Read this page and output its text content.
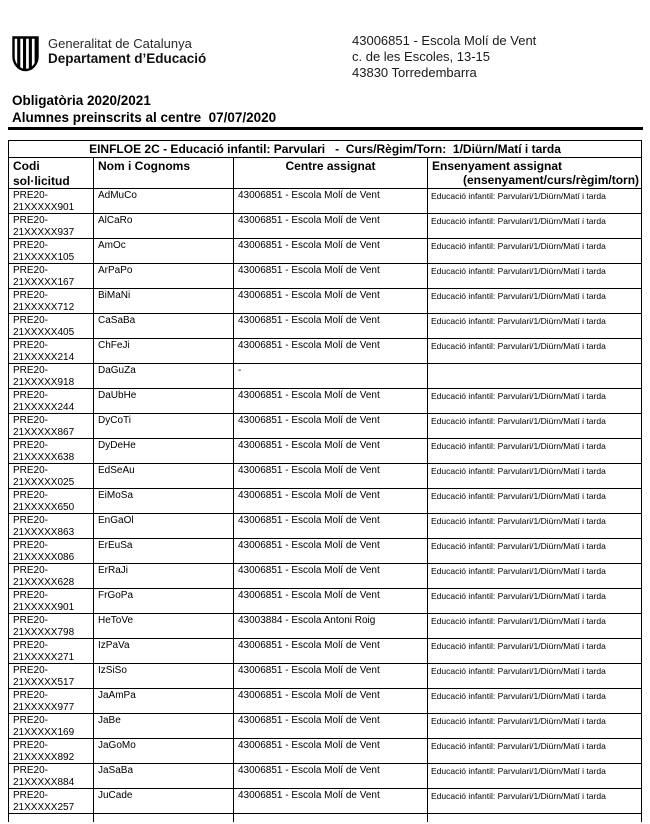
Generalitat de Catalunya
Departament d’Educació
43006851 - Escola Molí de Vent
c. de les Escoles, 13-15
43830 Torredembarra
Obligatòria 2020/2021
Alumnes preinscrits al centre  07/07/2020
EINFLOE 2C - Educació infantil: Parvulari   -  Curs/Règim/Torn:  1/Diürn/Matí i tarda			

Codi
sol·licitud

Nom i Cognoms	Centre assignat	Ensenyament assignat
(ensenyament/curs/règim/torn)

PRE20-
21XXXXX901	AdMuCo	43006851 - Escola Molí de Vent	Educació infantil: Parvulari/1/Diürn/Matí i tarda

PRE20-
21XXXXX937	AlCaRo	43006851 - Escola Molí de Vent	Educació infantil: Parvulari/1/Diürn/Matí i tarda

PRE20-
21XXXXX105	AmOc	43006851 - Escola Molí de Vent	Educació infantil: Parvulari/1/Diürn/Matí i tarda

PRE20-
21XXXXX167	ArPaPo	43006851 - Escola Molí de Vent	Educació infantil: Parvulari/1/Diürn/Matí i tarda

PRE20-
21XXXXX712	BiMaNi	43006851 - Escola Molí de Vent	Educació infantil: Parvulari/1/Diürn/Matí i tarda

PRE20-
21XXXXX405	CaSaBa	43006851 - Escola Molí de Vent	Educació infantil: Parvulari/1/Diürn/Matí i tarda

PRE20-
21XXXXX214	ChFeJi	43006851 - Escola Molí de Vent	Educació infantil: Parvulari/1/Diürn/Matí i tarda

PRE20-
21XXXXX918	DaGuZa	-	

PRE20-
21XXXXX244	DaUbHe	43006851 - Escola Molí de Vent	Educació infantil: Parvulari/1/Diürn/Matí i tarda

PRE20-
21XXXXX867	DyCoTi	43006851 - Escola Molí de Vent	Educació infantil: Parvulari/1/Diürn/Matí i tarda

PRE20-
21XXXXX638	DyDeHe	43006851 - Escola Molí de Vent	Educació infantil: Parvulari/1/Diürn/Matí i tarda

PRE20-
21XXXXX025	EdSeAu	43006851 - Escola Molí de Vent	Educació infantil: Parvulari/1/Diürn/Matí i tarda

PRE20-
21XXXXX650	EiMoSa	43006851 - Escola Molí de Vent	Educació infantil: Parvulari/1/Diürn/Matí i tarda

PRE20-
21XXXXX863	EnGaOl	43006851 - Escola Molí de Vent	Educació infantil: Parvulari/1/Diürn/Matí i tarda

PRE20-
21XXXXX086	ErEuSa	43006851 - Escola Molí de Vent	Educació infantil: Parvulari/1/Diürn/Matí i tarda

PRE20-
21XXXXX628	ErRaJi	43006851 - Escola Molí de Vent	Educació infantil: Parvulari/1/Diürn/Matí i tarda

PRE20-
21XXXXX901	FrGoPa	43006851 - Escola Molí de Vent	Educació infantil: Parvulari/1/Diürn/Matí i tarda

PRE20-
21XXXXX798	HeToVe	43003884 - Escola Antoni Roig	Educació infantil: Parvulari/1/Diürn/Matí i tarda

PRE20-
21XXXXX271	IzPaVa	43006851 - Escola Molí de Vent	Educació infantil: Parvulari/1/Diürn/Matí i tarda

PRE20-
21XXXXX517	IzSiSo	43006851 - Escola Molí de Vent	Educació infantil: Parvulari/1/Diürn/Matí i tarda

PRE20-
21XXXXX977	JaAmPa	43006851 - Escola Molí de Vent	Educació infantil: Parvulari/1/Diürn/Matí i tarda

PRE20-
21XXXXX169	JaBe	43006851 - Escola Molí de Vent	Educació infantil: Parvulari/1/Diürn/Matí i tarda

PRE20-
21XXXXX892	JaGoMo	43006851 - Escola Molí de Vent	Educació infantil: Parvulari/1/Diürn/Matí i tarda

PRE20-
21XXXXX884	JaSaBa	43006851 - Escola Molí de Vent	Educació infantil: Parvulari/1/Diürn/Matí i tarda

PRE20-
21XXXXX257	JuCade	43006851 - Escola Molí de Vent	Educació infantil: Parvulari/1/Diürn/Matí i tarda
